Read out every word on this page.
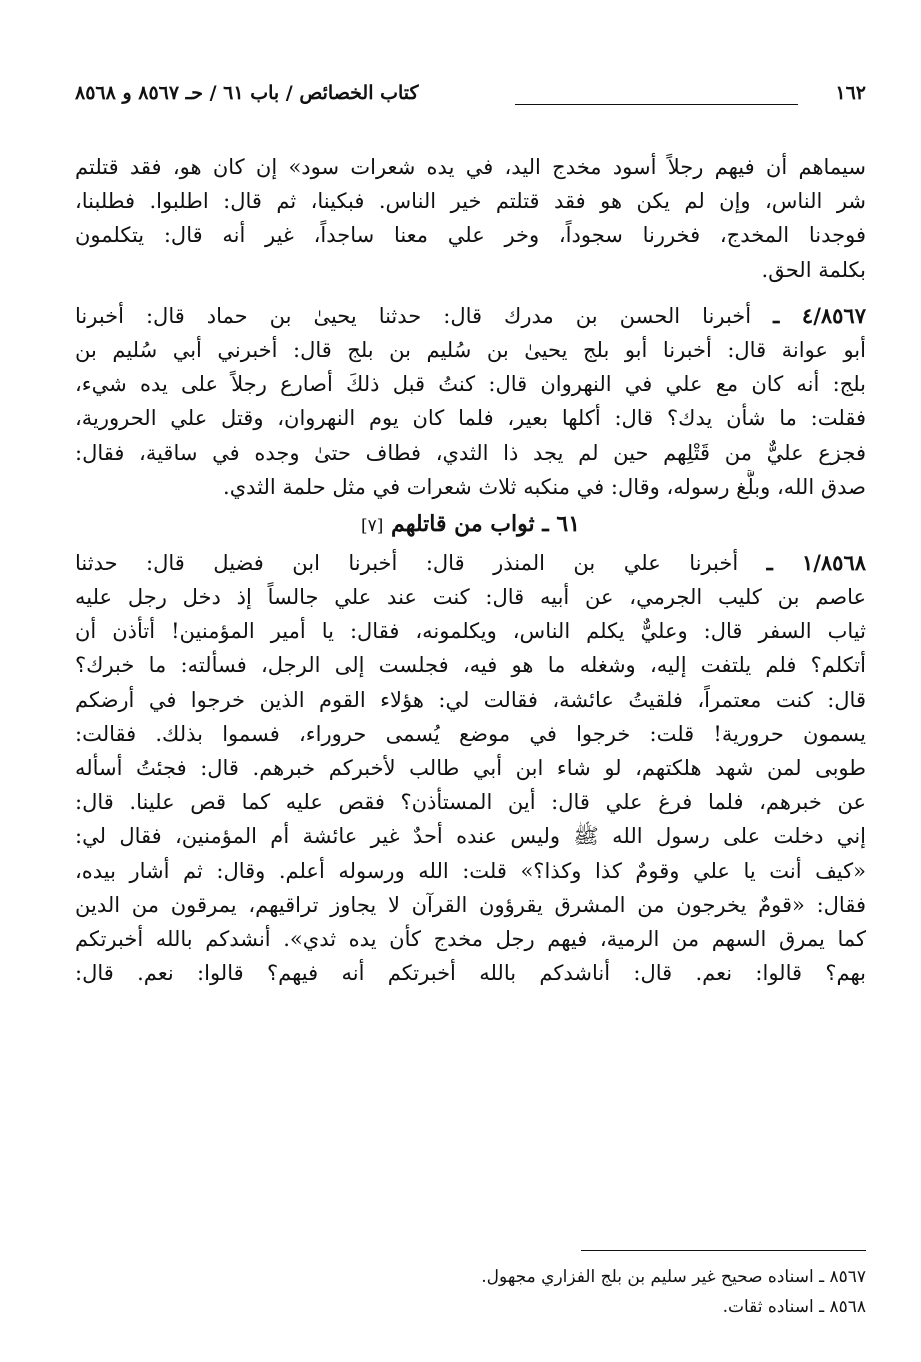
١٦٢
كتاب الخصائص / باب ٦١ / حـ ٨٥٦٧ و ٨٥٦٨
سيماهم أن فيهم رجلاً أسود مخدج اليد، في يده شعرات سود» إن كان هو، فقد قتلتم
شر الناس، وإن لم يكن هو فقد قتلتم خير الناس. فبكينا، ثم قال: اطلبوا. فطلبنا،
فوجدنا المخدج، فخررنا سجوداً، وخر علي معنا ساجداً، غير أنه قال: يتكلمون
بكلمة الحق.
٤/٨٥٦٧ ـ أخبرنا الحسن بن مدرك قال: حدثنا يحيىٰ بن حماد قال: أخبرنا
أبو عوانة قال: أخبرنا أبو بلج يحيىٰ بن سُليم بن بلج قال: أخبرني أبي سُليم بن
بلج: أنه كان مع علي في النهروان قال: كنتُ قبل ذلكَ أصارع رجلاً على يده شيء،
فقلت: ما شأن يدك؟ قال: أكلها بعير، فلما كان يوم النهروان، وقتل علي الحرورية،
فجزع عليٌّ من قَتْلِهم حين لم يجد ذا الثدي، فطاف حتىٰ وجده في ساقية، فقال:
صدق الله، وبلَّغ رسوله، وقال: في منكبه ثلاث شعرات في مثل حلمة الثدي.
٦١ ـ ثواب من قاتلهم [٧]
١/٨٥٦٨ ـ أخبرنا علي بن المنذر قال: أخبرنا ابن فضيل قال: حدثنا
عاصم بن كليب الجرمي، عن أبيه قال: كنت عند علي جالساً إذ دخل رجل عليه
ثياب السفر قال: وعليٌّ يكلم الناس، ويكلمونه، فقال: يا أمير المؤمنين! أتأذن أن
أتكلم؟ فلم يلتفت إليه، وشغله ما هو فيه، فجلست إلى الرجل، فسألته: ما خبرك؟
قال: كنت معتمراً، فلقيتُ عائشة، فقالت لي: هؤلاء القوم الذين خرجوا في أرضكم
يسمون حرورية! قلت: خرجوا في موضع يُسمى حروراء، فسموا بذلك. فقالت:
طوبى لمن شهد هلكتهم، لو شاء ابن أبي طالب لأخبركم خبرهم. قال: فجئتُ أسأله
عن خبرهم، فلما فرغ علي قال: أين المستأذن؟ فقص عليه كما قص علينا. قال:
إني دخلت على رسول الله ﷺ وليس عنده أحدٌ غير عائشة أم المؤمنين، فقال لي:
«كيف أنت يا علي وقومٌ كذا وكذا؟» قلت: الله ورسوله أعلم. وقال: ثم أشار بيده،
فقال: «قومٌ يخرجون من المشرق يقرؤون القرآن لا يجاوز تراقيهم، يمرقون من الدين
كما يمرق السهم من الرمية، فيهم رجل مخدج كأن يده ثدي». أنشدكم بالله أخبرتكم
بهم؟ قالوا: نعم. قال: أناشدكم بالله أخبرتكم أنه فيهم؟ قالوا: نعم. قال:
٨٥٦٧ ـ اسناده صحيح غير سليم بن بلج الفزاري مجهول.
٨٥٦٨ ـ اسناده ثقات.
